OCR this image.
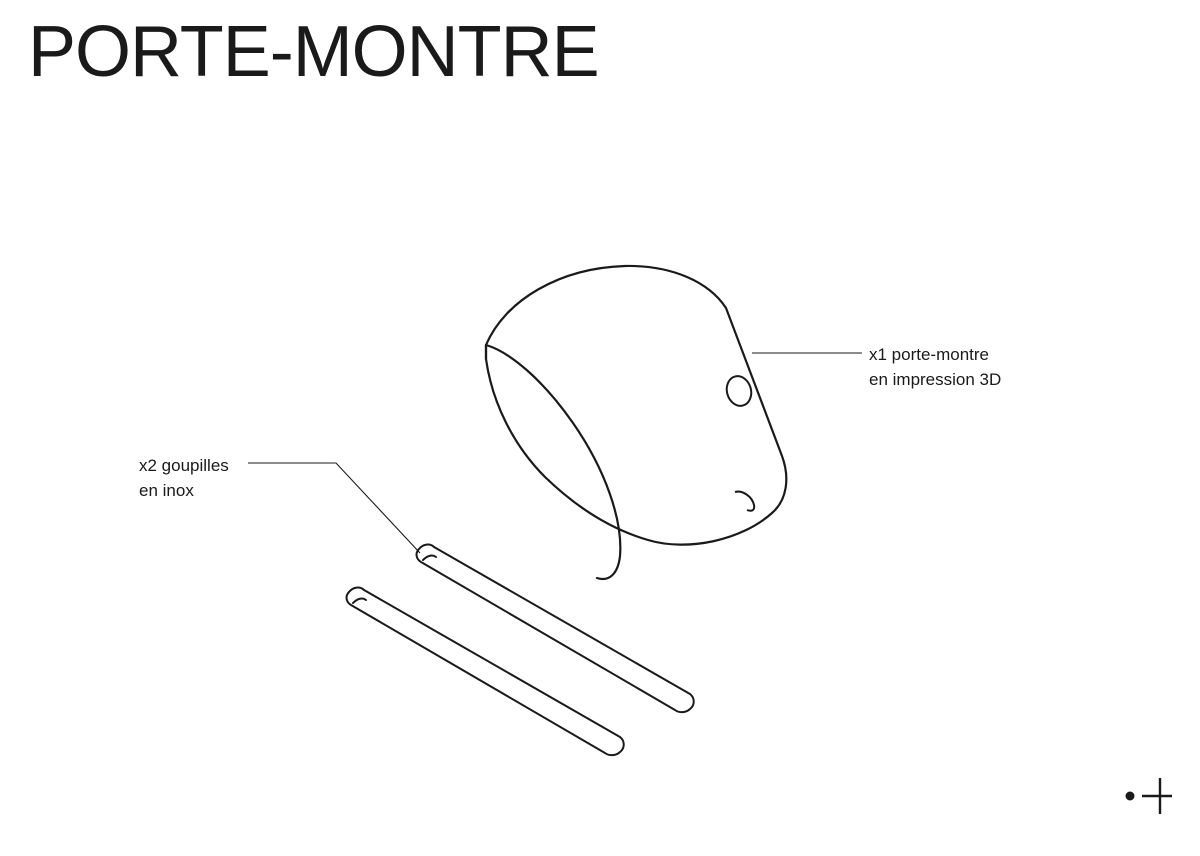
PORTE-MONTRE
x1 porte-montre
en impression 3D
x2 goupilles
en inox
